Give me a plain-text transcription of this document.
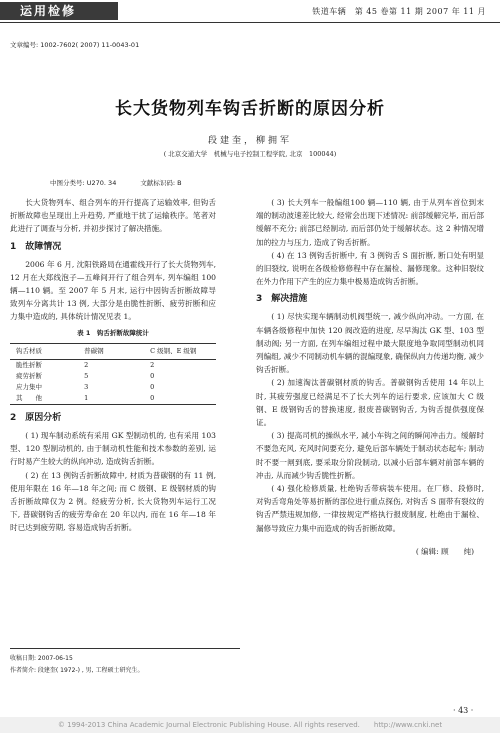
运用检修	铁道车辆　第 45 卷第 11 期 2007 年 11 月
文章编号: 1002-7602( 2007) 11-0043-01
长大货物列车钩舌折断的原因分析
段建奎，柳拥军
( 北京交通大学　机械与电子控制工程学院, 北京　100044)
中图分类号: U270. 34	文献标识码: B

长大货物列车、组合列车的开行提高了运输效率, 但钩舌折断故障也呈现出上升趋势, 严重地干扰了运输秩序。笔者对此进行了调查与分析, 并初步探讨了解决措施。

1　故障情况

2006 年 6 月, 沈阳铁路局在通霍线开行了长大货物列车, 12 月在大郑线泡子—五峰间开行了组合列车, 列车编组 100 辆—110 辆。至 2007 年 5 月末, 运行中因钩舌折断故障导致列车分离共计 13 例, 大部分是由脆性折断、疲劳折断和应力集中造成的, 具体统计情况见表 1。

表 1　钩舌折断故障统计
钩舌材质	普碳钢	C 级钢、E 级钢
脆性折断	2	2
疲劳折断	5	0
应力集中	3	0
其　　他	1	0
2　原因分析

( 1) 现车制动系统有采用 GK 型制动机的, 也有采用 103 型、120 型制动机的, 由于制动机性能和技术参数的差别, 运行时易产生较大的纵向冲动, 造成钩舌折断。

( 2) 在 13 例钩舌折断故障中, 材质为普碳钢的有 11 例, 使用年限在 16 年—18 年之间; 而 C 级钢、E 级钢材质的钩舌折断故障仅为 2 例。经疲劳分析, 长大货物列车运行工况下, 普碳钢钩舌的疲劳寿命在 20 年以内, 而在 16 年—18 年时已达到疲劳期, 容易造成钩舌折断。

( 3) 长大列车一般编组100 辆—110 辆, 由于从列车首位到末端的制动波速差比较大, 经常会出现下述情况: 前部缓解完毕, 而后部缓解不充分; 前部已经制动, 而后部仍处于缓解状态。这 2 种情况增加的拉力与压力, 造成了钩舌折断。

( 4) 在 13 例钩舌折断中, 有 3 例钩舌 S 面折断, 断口处有明显的旧裂纹, 说明在各级检修修程中存在漏检、漏修现象。这种旧裂纹在外力作用下产生的应力集中极易造成钩舌折断。

3　解决措施

( 1) 尽快实现车辆制动机阀型统一, 减少纵向冲动。一方面, 在车辆各级修程中加快 120 阀改造的进度, 尽早淘汰 GK 型、103 型制动阀; 另一方面, 在列车编组过程中最大限度地争取同型制动机同列编组, 减少不同制动机车辆的混编现象, 确保纵向力传递均衡, 减少钩舌折断。

( 2) 加速淘汰普碳钢材质的钩舌。普碳钢钩舌使用 14 年以上时, 其疲劳强度已经满足不了长大列车的运行要求, 应该加大 C 级钢、E 级钢钩舌的替换速度, 报废普碳钢钩舌, 为钩舌提供强度保证。

( 3) 提高司机的操纵水平, 减小车钩之间的瞬间冲击力。缓解时不要急充风, 充风时间要充分, 避免后部车辆处于制动状态起车; 制动时不要一闸到底, 要采取分阶段制动, 以减小后部车辆对前部车辆的冲击, 从而减少钩舌脆性折断。

( 4) 强化检修质量, 杜绝钩舌带病装车使用。在厂修、段修时, 对钩舌弯角处等易折断的部位进行重点探伤, 对钩舌 S 面带有裂纹的钩舌严禁违规加修, 一律按规定严格执行报废制度, 杜绝由于漏检、漏修导致应力集中而造成的钩舌折断故障。

( 编辑: 顾　　纯)
收稿日期: 2007-06-15
作者简介: 段建奎( 1972-) , 男, 工程硕士研究生。
· 43 ·
© 1994-2013 China Academic Journal Electronic Publishing House. All rights reserved.　　http://www.cnki.net
